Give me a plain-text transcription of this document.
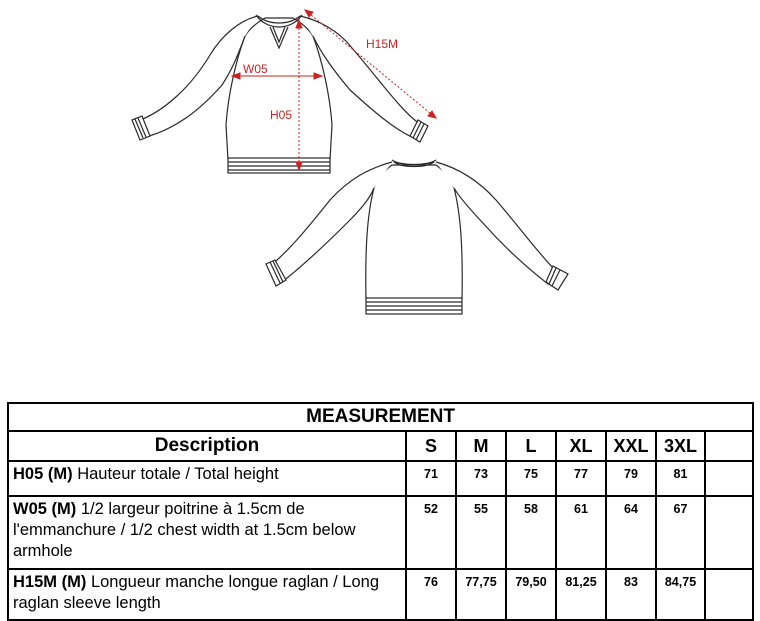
H15M
W05
H05
MEASUREMENT							
Description	S	M	L	XL	XXL	3XL	
H05 (M) Hauteur totale / Total height	71	73	75	77	79	81	
W05 (M) 1/2 largeur poitrine à 1.5cm de l'emmanchure / 1/2 chest width at 1.5cm below armhole	52	55	58	61	64	67	
H15M (M) Longueur manche longue raglan / Long raglan sleeve length	76	77,75	79,50	81,25	83	84,75	
